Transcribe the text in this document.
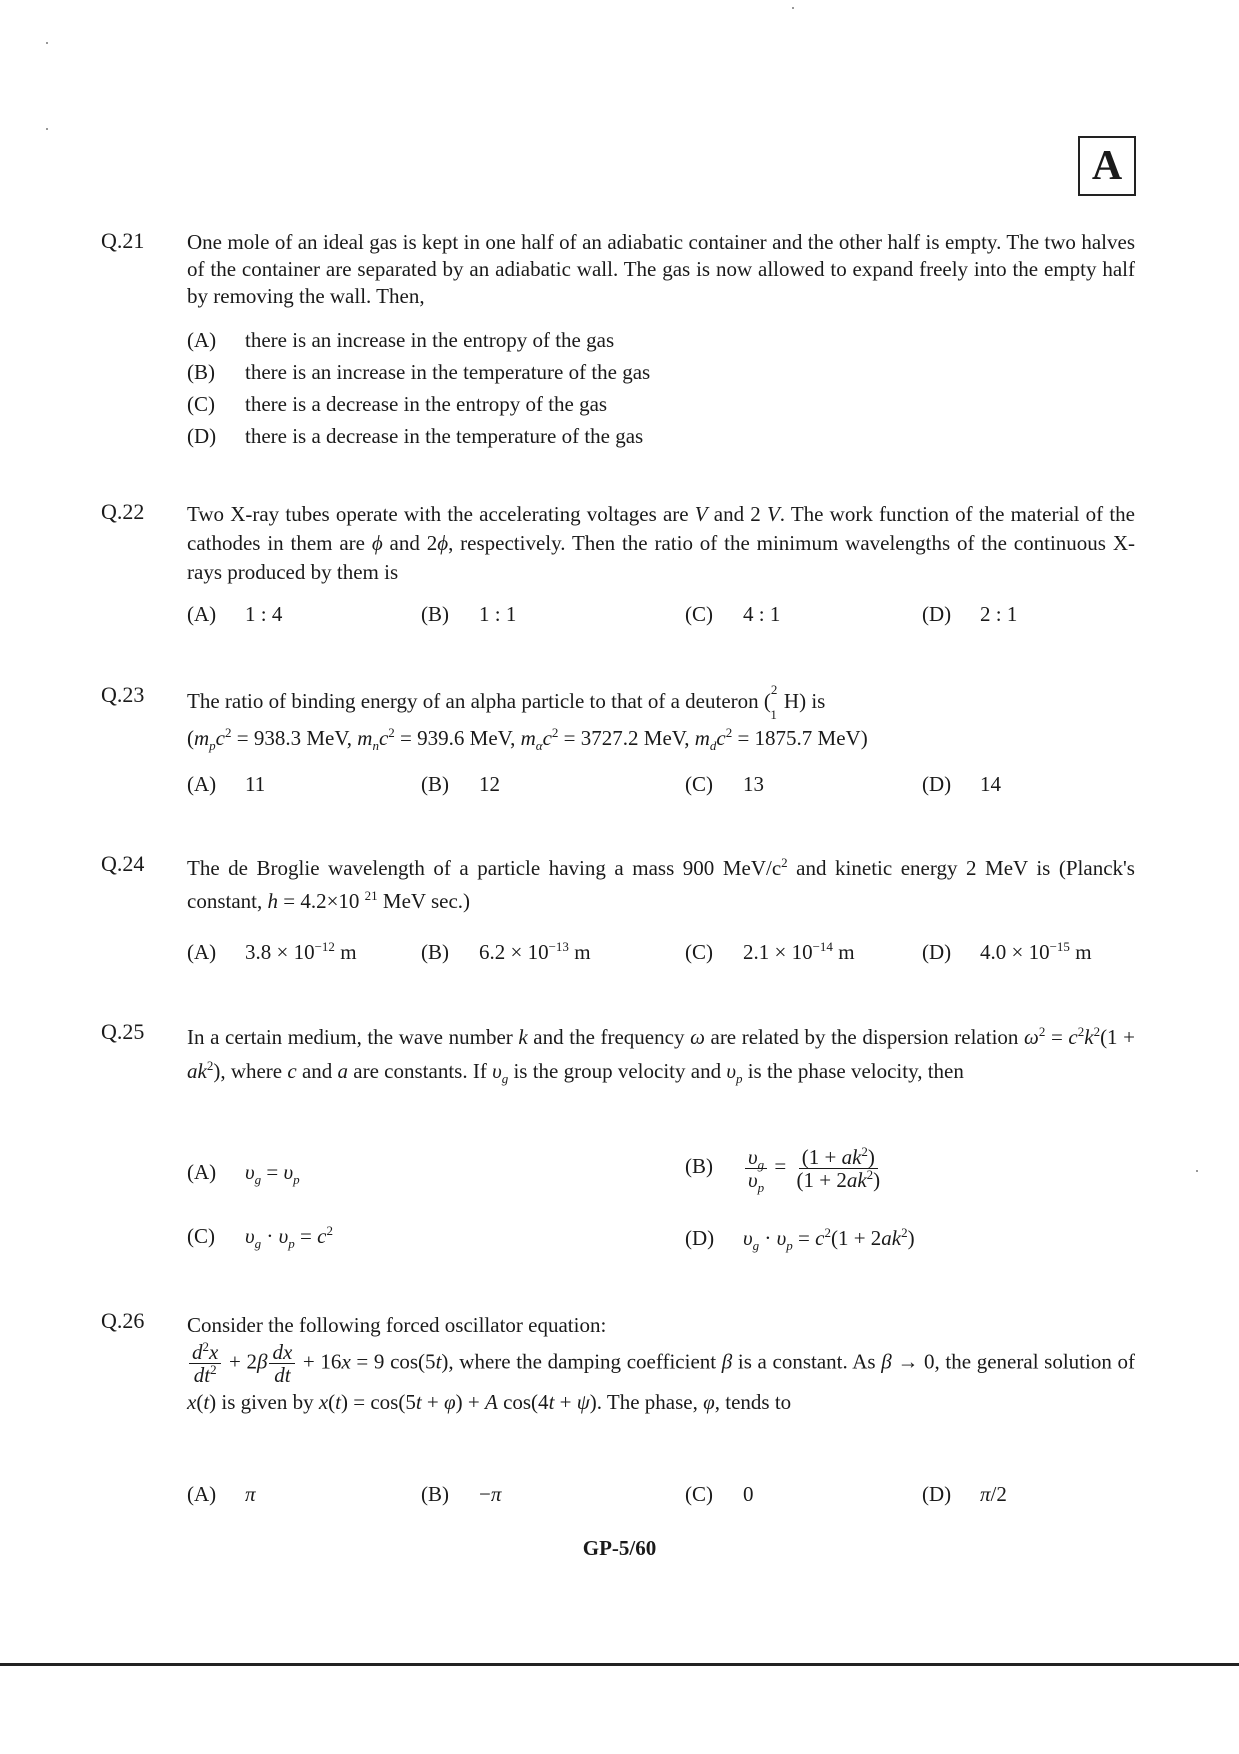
A
Q.21 One mole of an ideal gas is kept in one half of an adiabatic container and the other half is empty. The two halves of the container are separated by an adiabatic wall. The gas is now allowed to expand freely into the empty half by removing the wall. Then,
(A) there is an increase in the entropy of the gas
(B) there is an increase in the temperature of the gas
(C) there is a decrease in the entropy of the gas
(D) there is a decrease in the temperature of the gas
Q.22 Two X-ray tubes operate with the accelerating voltages are V and 2 V. The work function of the material of the cathodes in them are ϕ and 2ϕ, respectively. Then the ratio of the minimum wavelengths of the continuous X-rays produced by them is
(A) 1 : 4	(B) 1 : 1	(C) 4 : 1	(D) 2 : 1
Q.23 The ratio of binding energy of an alpha particle to that of a deuteron ($^2_1$H) is
($m_pc^2 = 938.3$ MeV, $m_nc^2 = 939.6$ MeV, $m_\alpha c^2 = 3727.2$ MeV, $m_dc^2 = 1875.7$ MeV)
(A) 11	(B) 12	(C) 13	(D) 14
Q.24 The de Broglie wavelength of a particle having a mass 900 MeV/$c^2$ and kinetic energy 2 MeV is (Planck's constant, h = 4.2×10 $^{21}$ MeV sec.)
(A) $3.8 \times 10^{-12}$ m	(B) $6.2 \times 10^{-13}$ m	(C) $2.1 \times 10^{-14}$ m	(D) $4.0 \times 10^{-15}$ m
Q.25 In a certain medium, the wave number k and the frequency ω are related by the dispersion relation $\omega^2 = c^2k^2(1 + ak^2)$, where c and a are constants. If $\upsilon_g$ is the group velocity and $\upsilon_p$ is the phase velocity, then
(A) $\upsilon_g = \upsilon_p$
$(B) \frac{\upsilon_g}{\upsilon_p} = \frac{(1 + ak^2)}{(1 + 2ak^2)}$
(C) $\upsilon_g \cdot \upsilon_p = c^2$	(D) $\upsilon_g \cdot \upsilon_p = c^2(1 + 2ak^2)$
Q.26 Consider the following forced oscillator equation:

$\frac{d^2x}{dt^2} + 2\beta \frac{dx}{dt} + 16x = 9$ cos(5t), where the damping coefficient β is a constant. As β → 0, the general solution of x(t) is given by x(t) = cos(5t + φ) + A cos(4t + ψ). The phase, φ, tends to
(A) π	(B) −π	(C) 0	(D) π/2
GP-5/60
